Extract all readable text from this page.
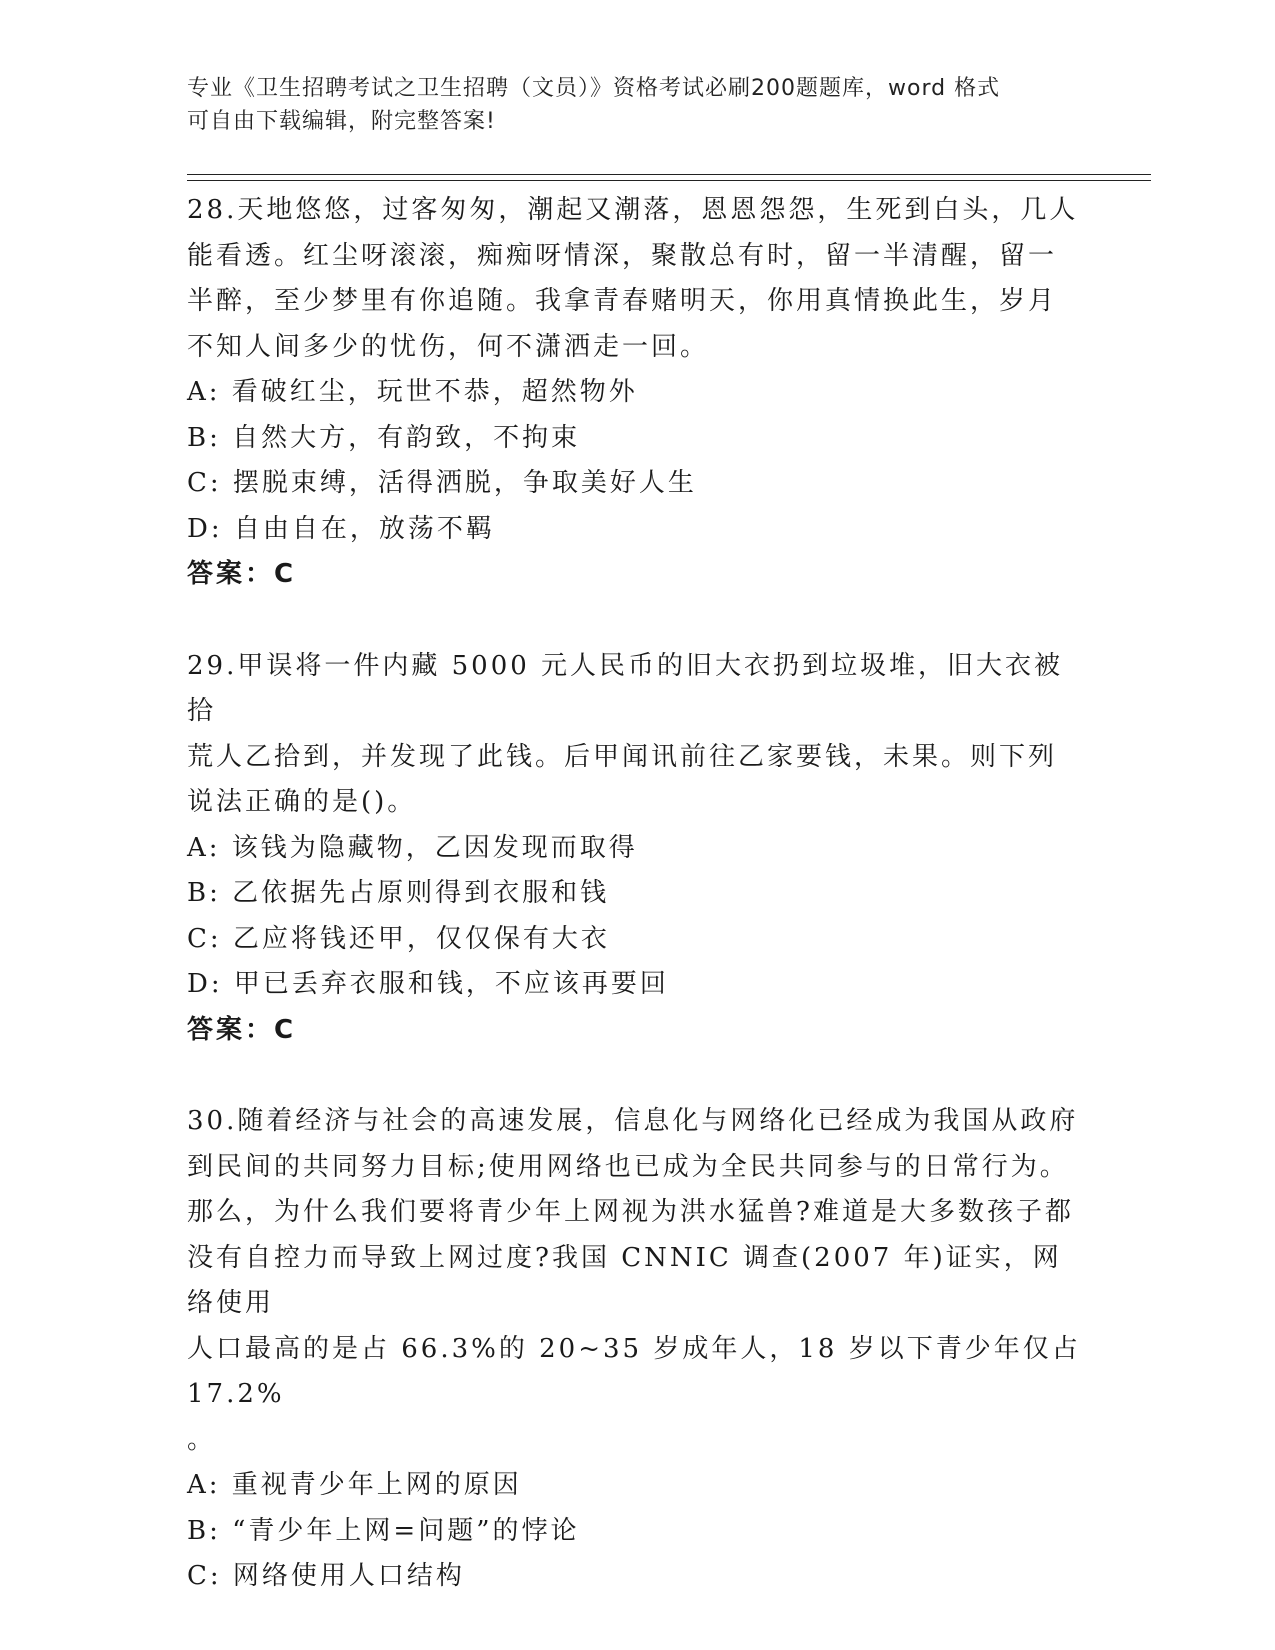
专业《卫生招聘考试之卫生招聘（文员）》资格考试必刷200题题库，word 格式
可自由下载编辑，附完整答案!

28.天地悠悠，过客匆匆，潮起又潮落，恩恩怨怨，生死到白头，几人

能看透。红尘呀滚滚，痴痴呀情深，聚散总有时，留一半清醒，留一

半醉，至少梦里有你追随。我拿青春赌明天，你用真情换此生，岁月

不知人间多少的忧伤，何不潇洒走一回。

A: 看破红尘，玩世不恭，超然物外

B: 自然大方，有韵致，不拘束

C: 摆脱束缚，活得洒脱，争取美好人生

D: 自由自在，放荡不羁

答案：C

29.甲误将一件内藏 5000 元人民币的旧大衣扔到垃圾堆，旧大衣被拾

荒人乙拾到，并发现了此钱。后甲闻讯前往乙家要钱，未果。则下列

说法正确的是()。

A: 该钱为隐藏物，乙因发现而取得

B: 乙依据先占原则得到衣服和钱

C: 乙应将钱还甲，仅仅保有大衣

D: 甲已丢弃衣服和钱，不应该再要回

答案：C

30.随着经济与社会的高速发展，信息化与网络化已经成为我国从政府

到民间的共同努力目标;使用网络也已成为全民共同参与的日常行为。

那么，为什么我们要将青少年上网视为洪水猛兽?难道是大多数孩子都

没有自控力而导致上网过度?我国 CNNIC 调查(2007 年)证实，网络使用

人口最高的是占 66.3%的 20~35 岁成年人，18 岁以下青少年仅占 17.2%

。

A: 重视青少年上网的原因

B: “青少年上网=问题”的悖论

C: 网络使用人口结构
